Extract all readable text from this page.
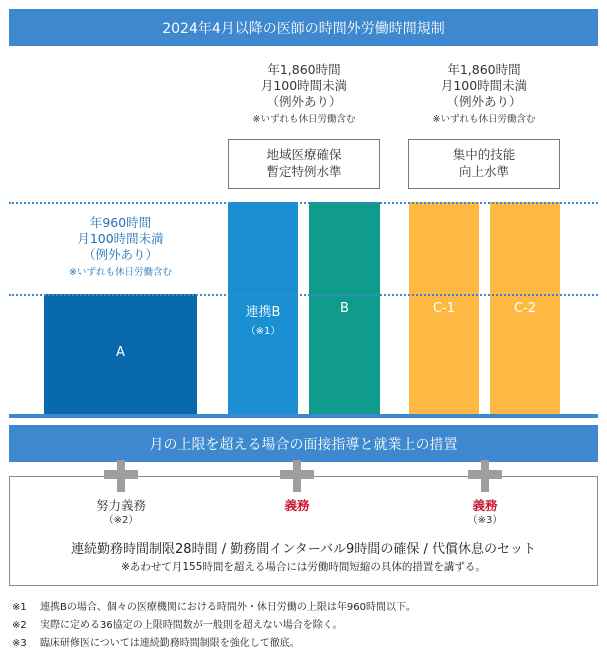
2024年4月以降の医師の時間外労働時間規制
年1,860時間
月100時間未満
（例外あり）
※いずれも休日労働含む
年1,860時間
月100時間未満
（例外あり）
※いずれも休日労働含む
地域医療確保
暫定特例水準
集中的技能
向上水準
A
連携B
（※1）
B	C-1	C-2
年960時間
月100時間未満
（例外あり）
※いずれも休日労働含む
月の上限を超える場合の面接指導と就業上の措置
努力義務
（※2）
義務	義務
（※3）
連続勤務時間制限28時間 / 勤務間インターバル9時間の確保 / 代償休息のセット
※あわせて月155時間を超える場合には労働時間短縮の具体的措置を講ずる。
※1 連携Bの場合、個々の医療機関における時間外・休日労働の上限は年960時間以下。
※2 実際に定める36協定の上限時間数が一般則を超えない場合を除く。
※3 臨床研修医については連続勤務時間制限を強化して徹底。
